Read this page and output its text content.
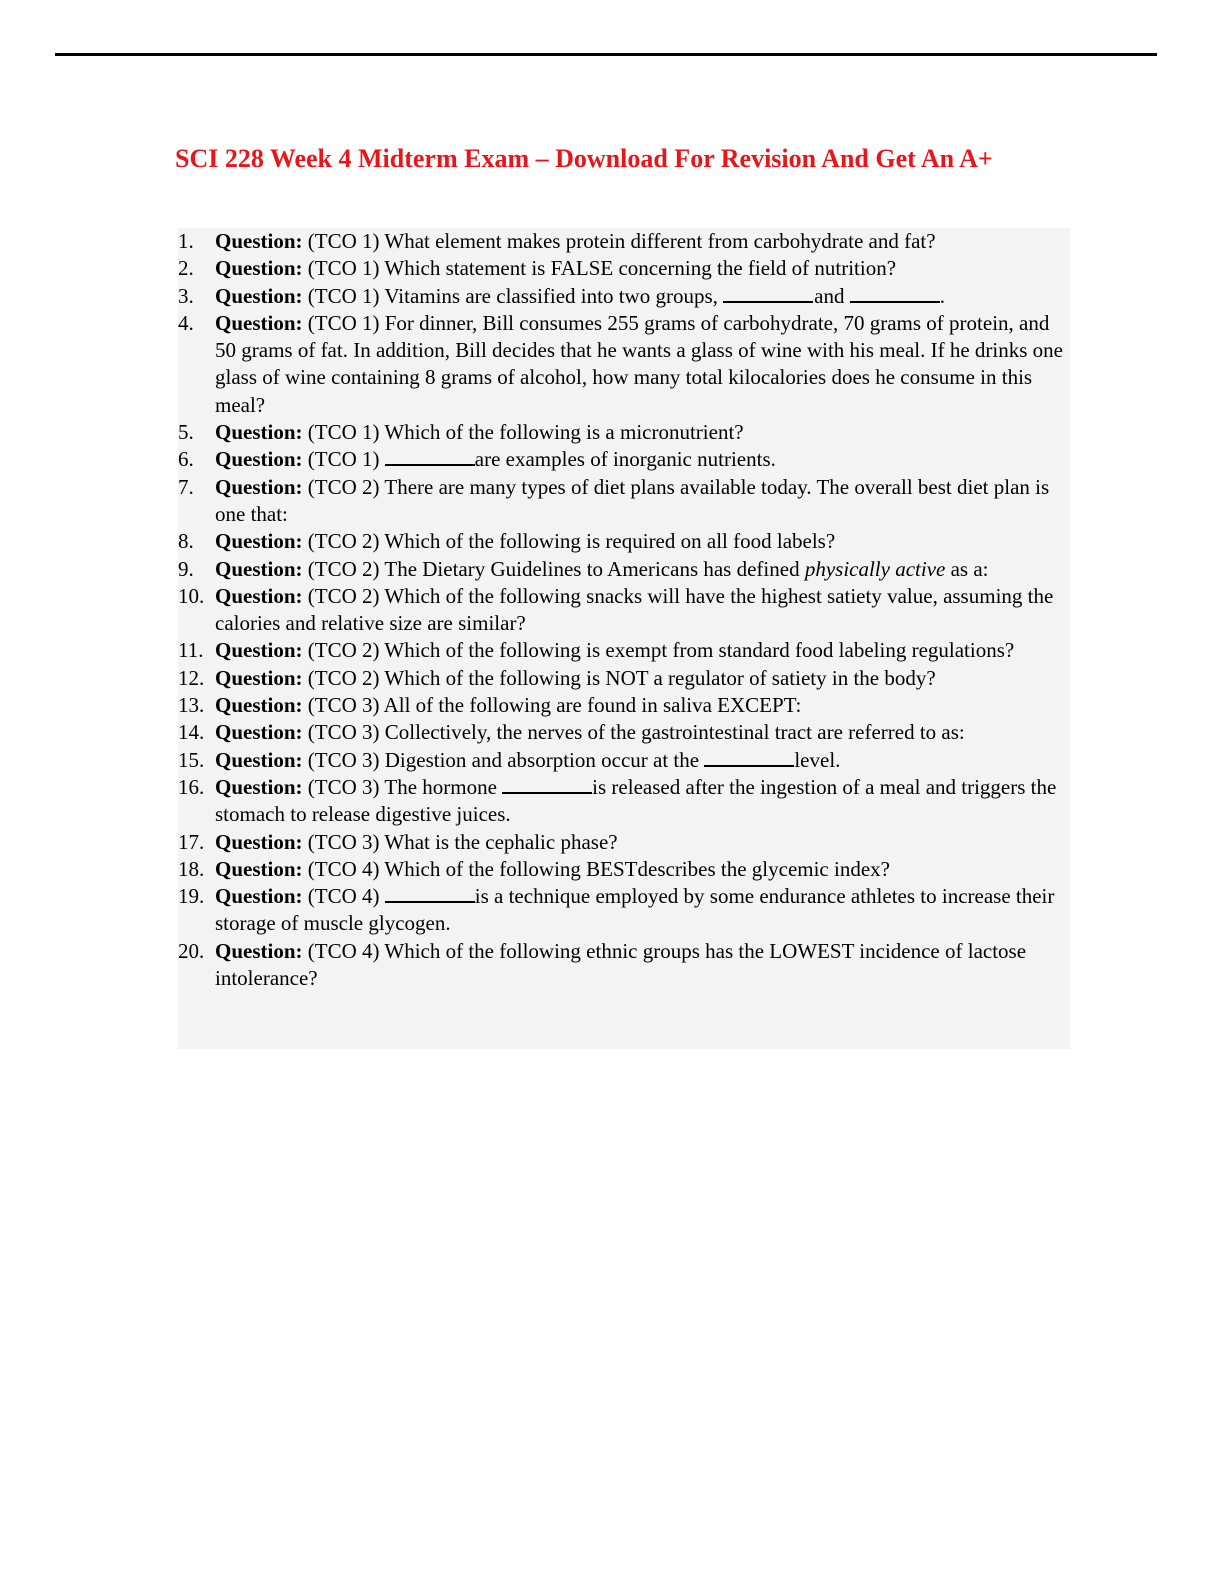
SCI 228 Week 4 Midterm Exam – Download For Revision And Get An A+
1.	Question: (TCO 1) What element makes protein different from carbohydrate and fat?
2.	Question: (TCO 1) Which statement is FALSE concerning the field of nutrition?
3.	Question: (TCO 1) Vitamins are classified into two groups,	and	.
4.	Question: (TCO 1) For dinner, Bill consumes 255 grams of carbohydrate, 70 grams of protein, and 50 grams of fat. In addition, Bill decides that he wants a glass of wine with his meal. If he drinks one glass of wine containing 8 grams of alcohol, how many total kilocalories does he consume in this meal?
5.	Question: (TCO 1) Which of the following is a micronutrient?
6.	Question: (TCO 1)	are examples of inorganic nutrients.
7.	Question: (TCO 2) There are many types of diet plans available today. The overall best diet plan is one that:
8.	Question: (TCO 2) Which of the following is required on all food labels?
9.	Question: (TCO 2) The Dietary Guidelines to Americans has defined physically active as a:
10. Question: (TCO 2) Which of the following snacks will have the highest satiety value, assuming the calories and relative size are similar?
11. Question: (TCO 2) Which of the following is exempt from standard food labeling regulations?
12. Question: (TCO 2) Which of the following is NOT a regulator of satiety in the body?
13. Question: (TCO 3) All of the following are found in saliva EXCEPT:
14. Question: (TCO 3) Collectively, the nerves of the gastrointestinal tract are referred to as:
15. Question: (TCO 3) Digestion and absorption occur at the	level.
16. Question: (TCO 3) The hormone	is released after the ingestion of a meal and triggers the stomach to release digestive juices.
17. Question: (TCO 3) What is the cephalic phase?
18. Question: (TCO 4) Which of the following BESTdescribes the glycemic index?
19. Question: (TCO 4)	is a technique employed by some endurance athletes to increase their storage of muscle glycogen.
20. Question: (TCO 4) Which of the following ethnic groups has the LOWEST incidence of lactose intolerance?
